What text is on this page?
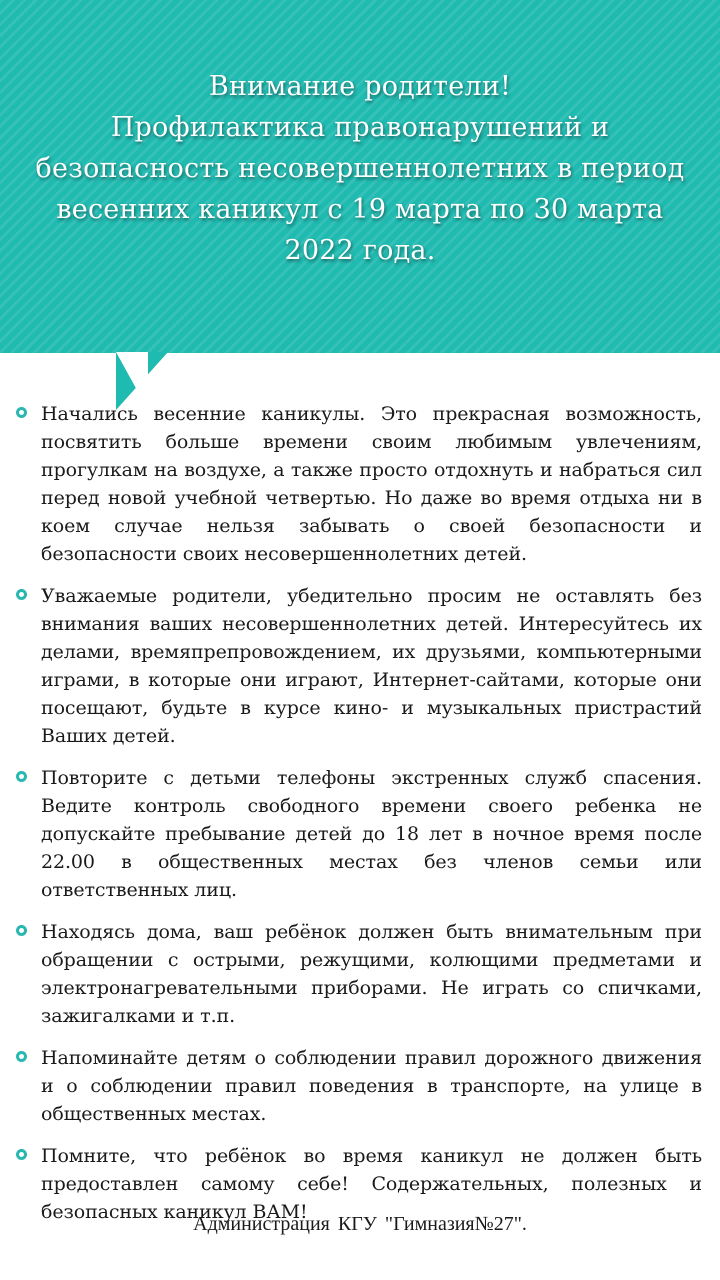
Внимание родители!
Профилактика правонарушений и
безопасность несовершеннолетних в период
весенних каникул с 19 марта по 30 марта
2022 года.
Начались весенние каникулы. Это прекрасная возможность, посвятить больше времени своим любимым увлечениям, прогулкам на воздухе, а также просто отдохнуть и набраться сил перед новой учебной четвертью. Но даже во время отдыха ни в коем случае нельзя забывать о своей безопасности и безопасности своих несовершеннолетних детей.
Уважаемые родители, убедительно просим не оставлять без внимания ваших несовершеннолетних детей. Интересуйтесь их делами, времяпрепровождением, их друзьями, компьютерными играми, в которые они играют, Интернет-сайтами, которые они посещают, будьте в курсе кино- и музыкальных пристрастий Ваших детей.
Повторите с детьми телефоны экстренных служб спасения. Ведите контроль свободного времени своего ребенка не допускайте пребывание детей до 18 лет в ночное время после 22.00 в общественных местах без членов семьи или ответственных лиц.
Находясь дома, ваш ребёнок должен быть внимательным при обращении с острыми, режущими, колющими предметами и электронагревательными приборами. Не играть со спичками, зажигалками и т.п.
Напоминайте детям о соблюдении правил дорожного движения и о соблюдении правил поведения в транспорте, на улице в общественных местах.
Помните, что ребёнок во время каникул не должен быть предоставлен самому себе! Содержательных, полезных и безопасных каникул ВАМ!
Администрация КГУ "Гимназия№27".
